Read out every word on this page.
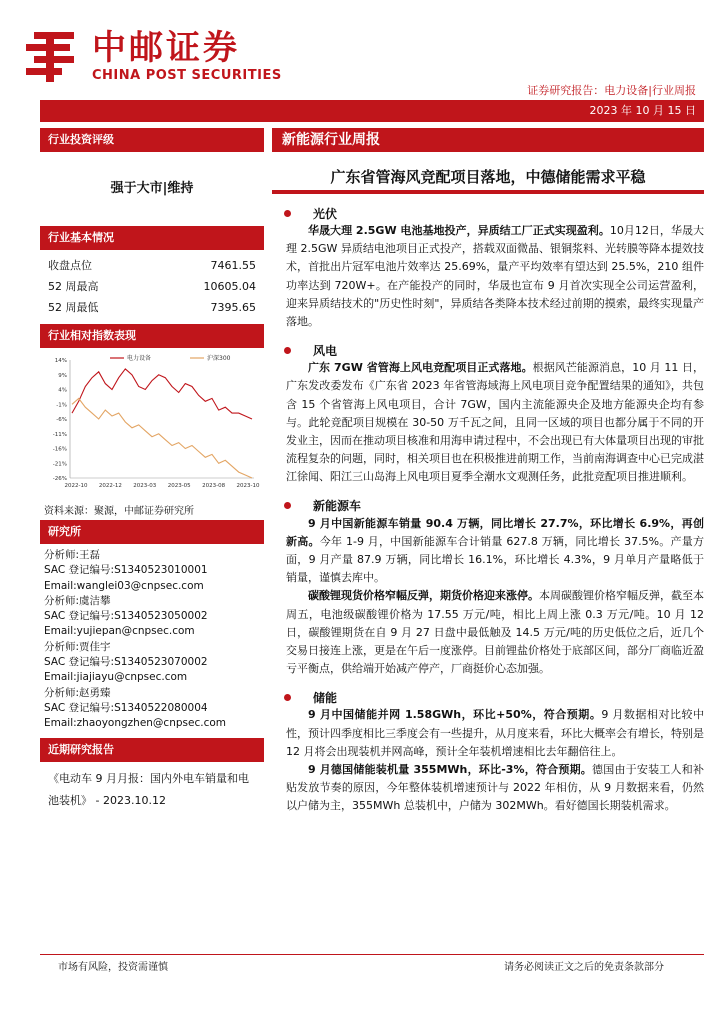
中邮证券
CHINA POST SECURITIES
证券研究报告：电力设备|行业周报
2023 年 10 月 15 日
行业投资评级
强于大市|维持
行业基本情况
收盘点位	7461.55
52 周最高	10605.04
52 周最低	7395.65
行业相对指数表现
14%
9%
4%
-1%
-6%
-11%
-16%
-21%
-26%
2022-10 2022-12 2023-03 2023-05 2023-08 2023-10
电力设备	沪深300
资料来源：聚源，中邮证券研究所
研究所
分析师:王磊
SAC 登记编号:S1340523010001
Email:wanglei03@cnpsec.com
分析师:虞洁攀
SAC 登记编号:S1340523050002
Email:yujiepan@cnpsec.com
分析师:贾佳宇
SAC 登记编号:S1340523070002
Email:jiajiayu@cnpsec.com
分析师:赵勇臻
SAC 登记编号:S1340522080004
Email:zhaoyongzhen@cnpsec.com
近期研究报告
《电动车 9 月月报：国内外电车销量和电池装机》 - 2023.10.12
新能源行业周报
广东省管海风竞配项目落地，中德储能需求平稳
光伏

华晟大理 2.5GW 电池基地投产，异质结工厂正式实现盈利。10月12日，华晟大理 2.5GW 异质结电池项目正式投产，搭载双面微晶、银铜浆料、光转膜等降本提效技术，首批出片冠军电池片效率达 25.69%，量产平均效率有望达到 25.5%，210 组件功率达到 720W+。在产能投产的同时，华晟也宣布 9 月首次实现全公司运营盈利，迎来异质结技术的"历史性时刻"，异质结各类降本技术经过前期的摸索，最终实现量产落地。

风电

广东 7GW 省管海上风电竞配项目正式落地。根据风芒能源消息，10 月 11 日，广东发改委发布《广东省 2023 年省管海域海上风电项目竞争配置结果的通知》，共包含 15 个省管海上风电项目，合计 7GW，国内主流能源央企及地方能源央企均有参与。此轮竞配项目规模在 30-50 万千瓦之间，且同一区域的项目也都分属于不同的开发业主，因而在推动项目核准和用海申请过程中，不会出现已有大体量项目出现的审批流程复杂的问题，同时，相关项目也在积极推进前期工作，当前南海调查中心已完成湛江徐闻、阳江三山岛海上风电项目夏季全潮水文观测任务，此批竞配项目推进顺利。

新能源车

9 月中国新能源车销量 90.4 万辆，同比增长 27.7%，环比增长 6.9%，再创新高。今年 1-9 月，中国新能源车合计销量 627.8 万辆，同比增长 37.5%。产量方面，9 月产量 87.9 万辆，同比增长 16.1%，环比增长 4.3%，9 月单月产量略低于销量，谨慎去库中。

碳酸锂现货价格窄幅反弹，期货价格迎来涨停。本周碳酸锂价格窄幅反弹，截至本周五，电池级碳酸锂价格为 17.55 万元/吨，相比上周上涨 0.3 万元/吨。10 月 12 日，碳酸锂期货在自 9 月 27 日盘中最低触及 14.5 万元/吨的历史低位之后，近几个交易日接连上涨，更是在午后一度涨停。目前锂盐价格处于底部区间，部分厂商临近盈亏平衡点，供给端开始减产停产，厂商挺价心态加强。

储能

9 月中国储能并网 1.58GWh，环比+50%，符合预期。9 月数据相对比较中性，预计四季度相比三季度会有一些提升，从月度来看，环比大概率会有增长，特别是 12 月将会出现装机并网高峰，预计全年装机增速相比去年翻倍往上。

9 月德国储能装机量 355MWh，环比-3%，符合预期。德国由于安装工人和补贴发放节奏的原因，今年整体装机增速预计与 2022 年相仿，从 9 月数据来看，仍然以户储为主，355MWh 总装机中，户储为 302MWh。看好德国长期装机需求。

市场有风险，投资需谨慎	请务必阅读正文之后的免责条款部分
